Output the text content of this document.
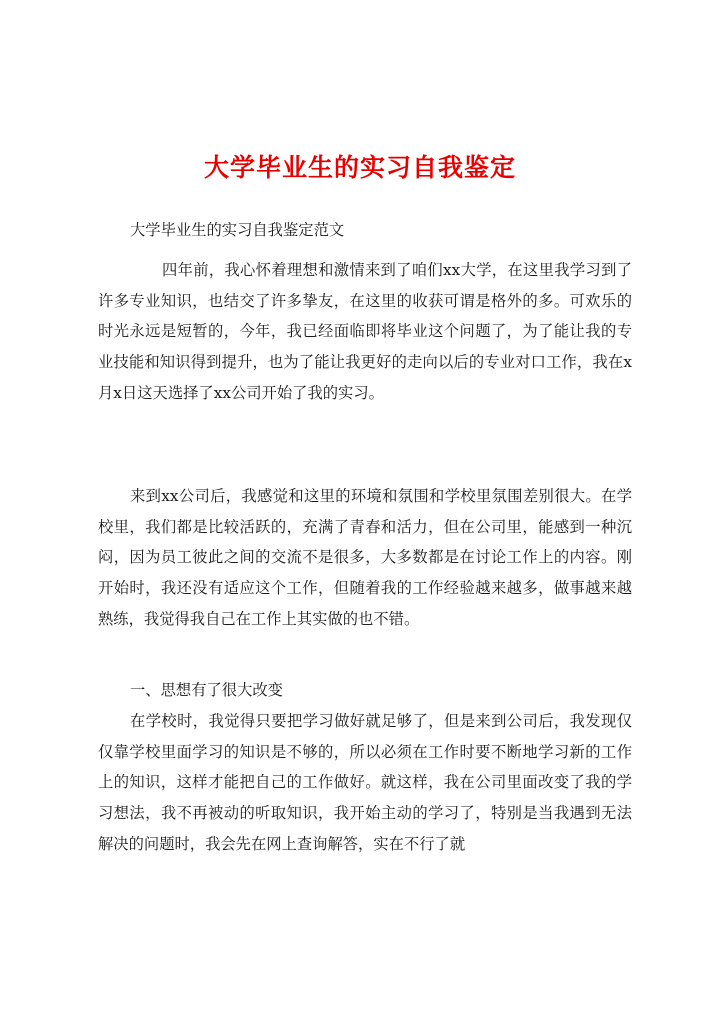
大学毕业生的实习自我鉴定

大学毕业生的实习自我鉴定范文

四年前，我心怀着理想和激情来到了咱们xx大学，在这里我学习到了许多专业知识，也结交了许多挚友，在这里的收获可谓是格外的多。可欢乐的时光永远是短暂的，今年，我已经面临即将毕业这个问题了，为了能让我的专业技能和知识得到提升，也为了能让我更好的走向以后的专业对口工作，我在x月x日这天选择了xx公司开始了我的实习。

来到xx公司后，我感觉和这里的环境和氛围和学校里氛围差别很大。在学校里，我们都是比较活跃的，充满了青春和活力，但在公司里，能感到一种沉闷，因为员工彼此之间的交流不是很多，大多数都是在讨论工作上的内容。刚开始时，我还没有适应这个工作，但随着我的工作经验越来越多，做事越来越熟练，我觉得我自己在工作上其实做的也不错。

一、思想有了很大改变

在学校时，我觉得只要把学习做好就足够了，但是来到公司后，我发现仅仅靠学校里面学习的知识是不够的，所以必须在工作时要不断地学习新的工作上的知识，这样才能把自己的工作做好。就这样，我在公司里面改变了我的学习想法，我不再被动的听取知识，我开始主动的学习了，特别是当我遇到无法解决的问题时，我会先在网上查询解答，实在不行了就
